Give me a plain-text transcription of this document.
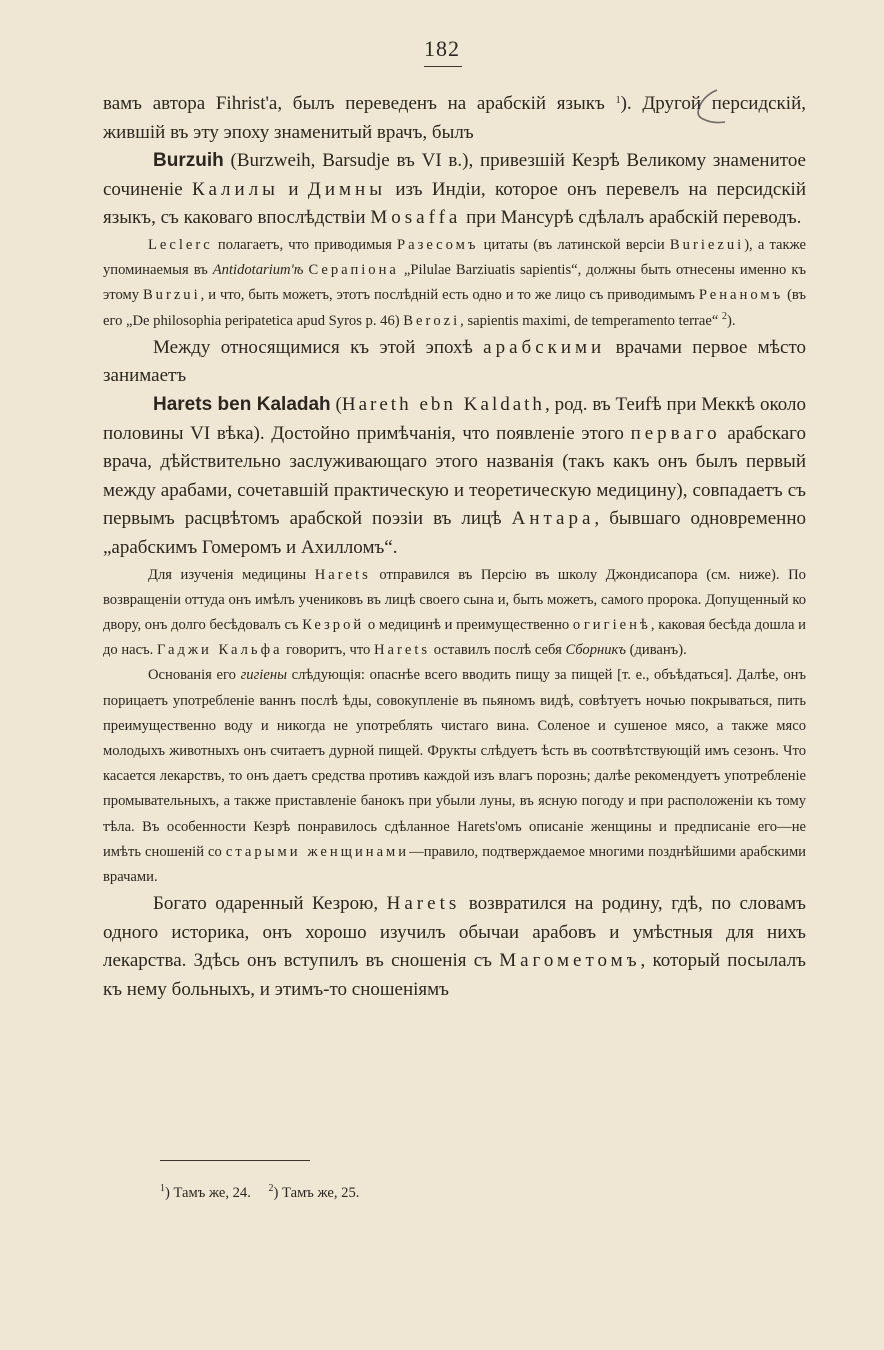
182

вамъ автора Fihrist'a, былъ переведенъ на арабскій языкъ $^1$). Другой персидскій, жившій въ эту эпоху знаменитый врачъ, былъ

Burzuih (Burzweih, Barsudje въ VI в.), привезшій Кезрѣ Великому знаменитое сочиненіе Калилы и Димны изъ Индіи, которое онъ перевелъ на персидскій языкъ, съ каковаго впослѣдствіи Mosaffa при Мансурѣ сдѣлалъ арабскій переводъ.

Leclerc полагаетъ, что приводимыя Разесомъ цитаты (въ латинской версіи Buriezui), а также упоминаемыя въ Antidotarium'ѣ Серапіона „Pilulae Barziuatis sapientis“, должны быть отнесены именно къ этому Burzui, и что, быть можетъ, этотъ послѣдній есть одно и то же лицо съ приводимымъ Ренаномъ (въ его „De philosophia peripatetica apud Syros p. 46) Berozi, sapientis maximi, de temperamento terrae“ $^2$).

Между относящимися къ этой эпохѣ арабскими врачами первое мѣсто занимаетъ

Harets ben Kaladah (Hareth ebn Kaldath, род. въ Теиfѣ при Меккѣ около половины VI вѣка). Достойно примѣчанія, что появленіе этого перваго арабскаго врача, дѣйствительно заслуживающаго этого названія (такъ какъ онъ былъ первый между арабами, сочетавшій практическую и теоретическую медицину), совпадаетъ съ первымъ расцвѣтомъ арабской поэзіи въ лицѣ Антара, бывшаго одновременно „арабскимъ Гомеромъ и Ахилломъ“.

Для изученія медицины Harets отправился въ Персію въ школу Джондисапора (см. ниже). По возвращеніи оттуда онъ имѣлъ учениковъ въ лицѣ своего сына и, быть можетъ, самого пророка. Допущенный ко двору, онъ долго бесѣдовалъ съ Кезрой о медицинѣ и преимущественно о гигіенѣ, каковая бесѣда дошла и до насъ. Гаджи Кальфа говоритъ, что Harets оставилъ послѣ себя Сборникъ (диванъ).

Основанія его гигіены слѣдующія: опаснѣе всего вводить пищу за пищей [т. е., объѣдаться]. Далѣе, онъ порицаетъ употребленіе ваннъ послѣ ѣды, совокупленіе въ пьяномъ видѣ, совѣтуетъ ночью покрываться, пить преимущественно воду и никогда не употреблять чистаго вина. Соленое и сушеное мясо, а также мясо молодыхъ животныхъ онъ считаетъ дурной пищей. Фрукты слѣдуетъ ѣсть въ соотвѣтствующій имъ сезонъ. Что касается лекарствъ, то онъ даетъ средства противъ каждой изъ влагъ порознь; далѣе рекомендуетъ употребленіе промывательныхъ, а также приставленіе банокъ при убыли луны, въ ясную погоду и при расположеніи къ тому тѣла. Въ особенности Кезрѣ понравилось сдѣланное Harets'омъ описаніе женщины и предписаніе его—не имѣть сношеній со старыми женщинами—правило, подтверждаемое многими позднѣйшими арабскими врачами.

Богато одаренный Кезрою, Harets возвратился на родину, гдѣ, по словамъ одного историка, онъ хорошо изучилъ обычаи арабовъ и умѣстныя для нихъ лекарства. Здѣсь онъ вступилъ въ сношенія съ Магометомъ, который посылалъ къ нему больныхъ, и этимъ-то сношеніямъ

$^1$) Тамъ же, 24. $^2$) Тамъ же, 25.
